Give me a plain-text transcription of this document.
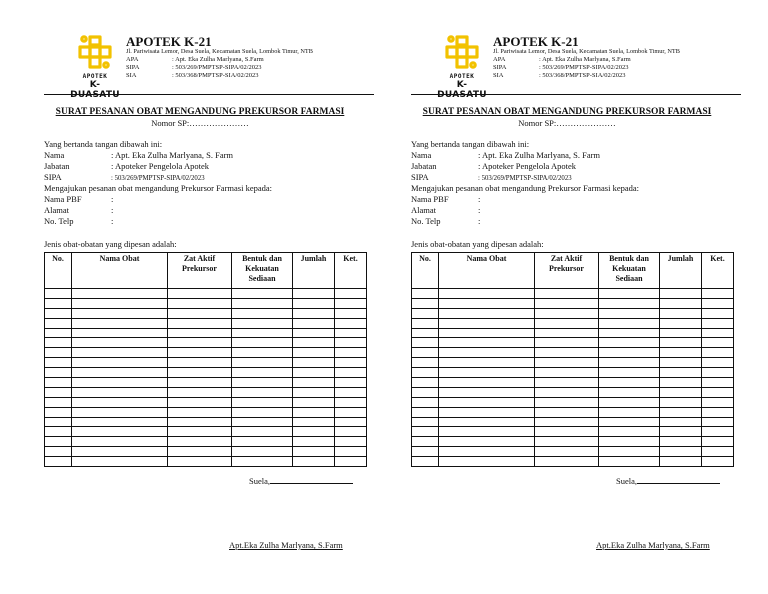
APOTEK
K-DUASATU
APOTEK K-21
Jl. Pariwisata Lemor, Desa Suela, Kecamatan Suela, Lombok Timur, NTB
APA	: Apt. Eka Zulha Marlyana, S.Farm
SIPA	: 503/269/PMPTSP-SIPA/02/2023
SIA	: 503/368/PMPTSP-SIA/02/2023
SURAT PESANAN OBAT MENGANDUNG PREKURSOR FARMASI
Nomor SP:…………………
Yang bertanda tangan dibawah ini:
Nama	: Apt. Eka Zulha Marlyana, S. Farm
Jabatan	: Apoteker Pengelola Apotek
SIPA	: 503/269/PMPTSP-SIPA/02/2023
Mengajukan pesanan obat mengandung Prekursor Farmasi kepada:
Nama PBF	:
Alamat	:
No. Telp	:
Jenis obat-obatan yang dipesan adalah:
No.	Nama Obat	Zat Aktif Prekursor	Bentuk dan Kekuatan Sediaan	Jumlah	Ket.

Suela,
Apt.Eka Zulha Marlyana, S.Farm
APOTEK
K-DUASATU
APOTEK K-21
Jl. Pariwisata Lemor, Desa Suela, Kecamatan Suela, Lombok Timur, NTB
APA	: Apt. Eka Zulha Marlyana, S.Farm
SIPA	: 503/269/PMPTSP-SIPA/02/2023
SIA	: 503/368/PMPTSP-SIA/02/2023
SURAT PESANAN OBAT MENGANDUNG PREKURSOR FARMASI
Nomor SP:…………………
Yang bertanda tangan dibawah ini:
Nama	: Apt. Eka Zulha Marlyana, S. Farm
Jabatan	: Apoteker Pengelola Apotek
SIPA	: 503/269/PMPTSP-SIPA/02/2023
Mengajukan pesanan obat mengandung Prekursor Farmasi kepada:
Nama PBF	:
Alamat	:
No. Telp	:
Jenis obat-obatan yang dipesan adalah:
No.	Nama Obat	Zat Aktif Prekursor	Bentuk dan Kekuatan Sediaan	Jumlah	Ket.

Suela,
Apt.Eka Zulha Marlyana, S.Farm
